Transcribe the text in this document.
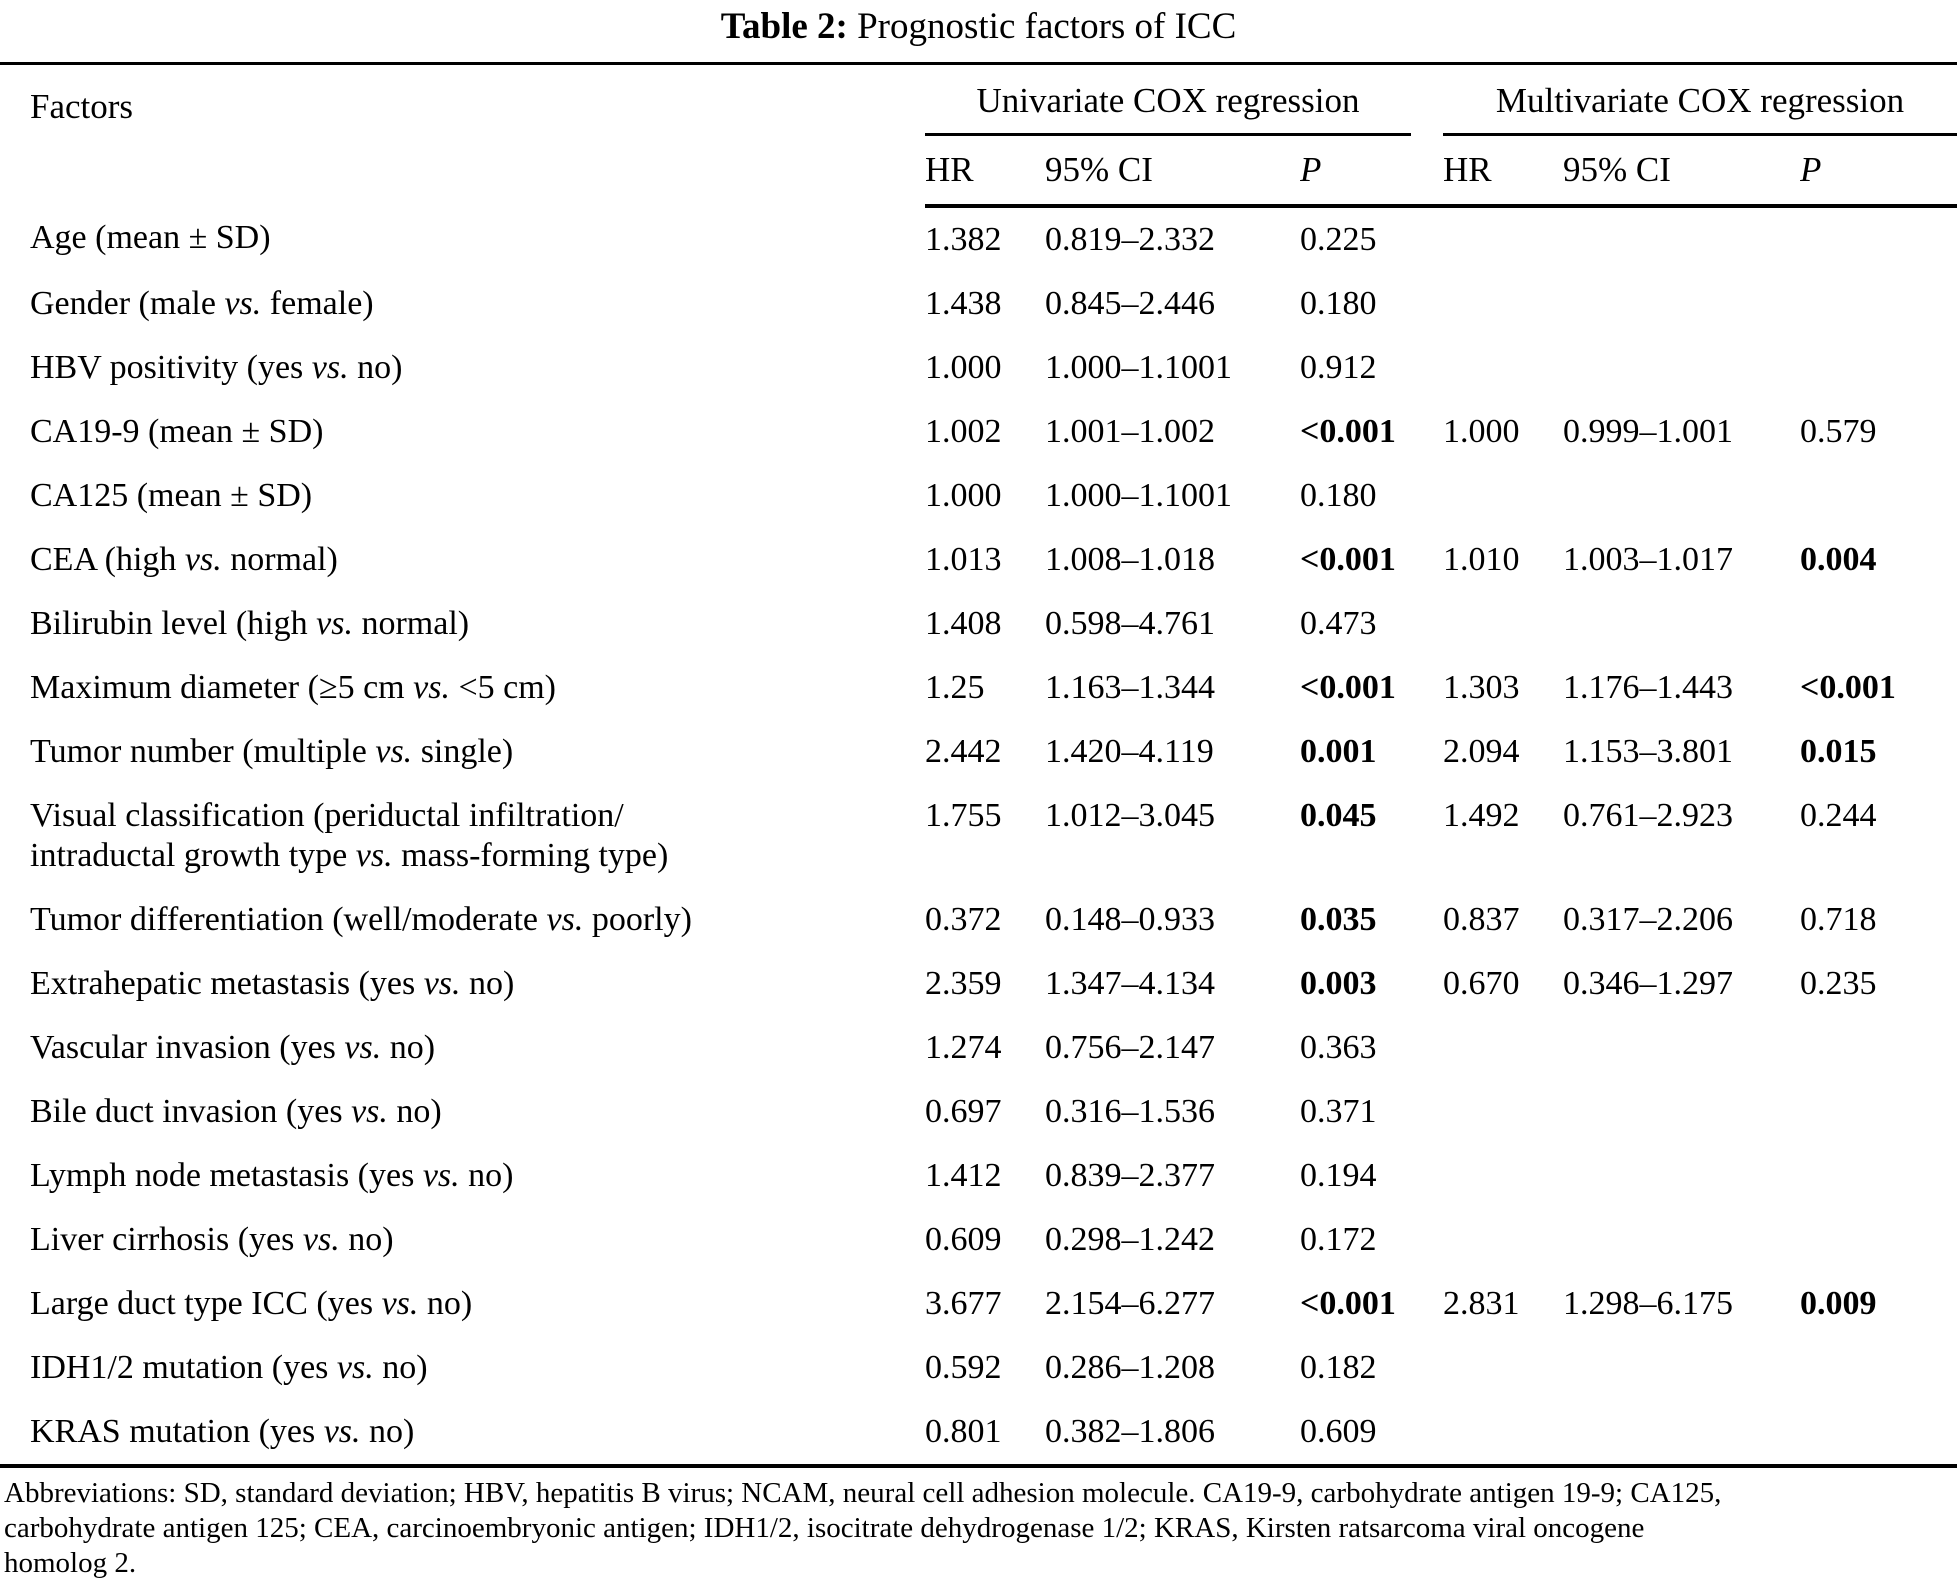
Table 2: Prognostic factors of ICC
Factors	Univariate COX regression			Multivariate COX regression		

	HR	95% CI	P	HR	95% CI	P
Age (mean ± SD)	1.382	0.819–2.332	0.225			
Gender (male vs. female)	1.438	0.845–2.446	0.180			
HBV positivity (yes vs. no)	1.000	1.000–1.1001	0.912			
CA19-9 (mean ± SD)	1.002	1.001–1.002	<0.001	1.000	0.999–1.001	0.579
CA125 (mean ± SD)	1.000	1.000–1.1001	0.180			
CEA (high vs. normal)	1.013	1.008–1.018	<0.001	1.010	1.003–1.017	0.004
Bilirubin level (high vs. normal)	1.408	0.598–4.761	0.473			
Maximum diameter (≥5 cm vs. <5 cm)	1.25	1.163–1.344	<0.001	1.303	1.176–1.443	<0.001
Tumor number (multiple vs. single)	2.442	1.420–4.119	0.001	2.094	1.153–3.801	0.015
Visual classification (periductal infiltration/
intraductal growth type vs. mass-forming type)	1.755	1.012–3.045	0.045	1.492	0.761–2.923	0.244
Tumor differentiation (well/moderate vs. poorly)	0.372	0.148–0.933	0.035	0.837	0.317–2.206	0.718
Extrahepatic metastasis (yes vs. no)	2.359	1.347–4.134	0.003	0.670	0.346–1.297	0.235
Vascular invasion (yes vs. no)	1.274	0.756–2.147	0.363			
Bile duct invasion (yes vs. no)	0.697	0.316–1.536	0.371			
Lymph node metastasis (yes vs. no)	1.412	0.839–2.377	0.194			
Liver cirrhosis (yes vs. no)	0.609	0.298–1.242	0.172			
Large duct type ICC (yes vs. no)	3.677	2.154–6.277	<0.001	2.831	1.298–6.175	0.009
IDH1/2 mutation (yes vs. no)	0.592	0.286–1.208	0.182			
KRAS mutation (yes vs. no)	0.801	0.382–1.806	0.609			
Abbreviations: SD, standard deviation; HBV, hepatitis B virus; NCAM, neural cell adhesion molecule. CA19-9, carbohydrate antigen 19-9; CA125,
carbohydrate antigen 125; CEA, carcinoembryonic antigen; IDH1/2, isocitrate dehydrogenase 1/2; KRAS, Kirsten ratsarcoma viral oncogene
homolog 2.
